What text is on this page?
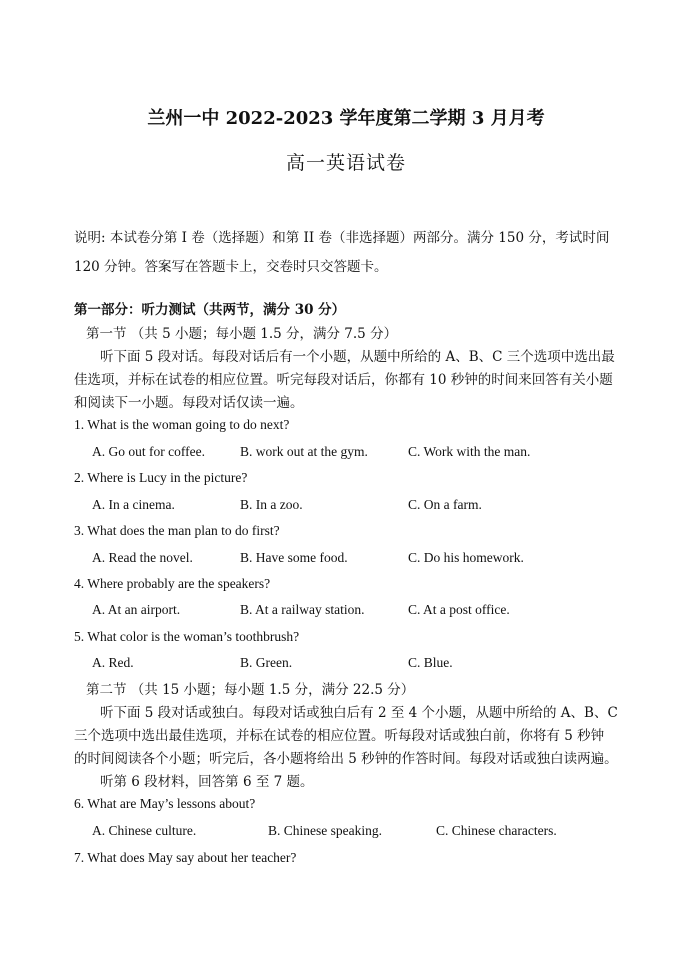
兰州一中 2022-2023 学年度第二学期 3 月月考
高一英语试卷
说明: 本试卷分第 I 卷（选择题）和第 II 卷（非选择题）两部分。满分 150 分，考试时间
120 分钟。答案写在答题卡上，交卷时只交答题卡。
第一部分：听力测试（共两节，满分 30 分）
第一节 （共 5 小题；每小题 1.5 分，满分 7.5 分）
听下面 5 段对话。每段对话后有一个小题，从题中所给的 A、B、C 三个选项中选出最
佳选项，并标在试卷的相应位置。听完每段对话后，你都有 10 秒钟的时间来回答有关小题
和阅读下一小题。每段对话仅读一遍。
1. What is the woman going to do next?
A. Go out for coffee.	B. work out at the gym.	C. Work with the man.
2. Where is Lucy in the picture?
A. In a cinema.	B. In a zoo.	C. On a farm.
3. What does the man plan to do first?
A. Read the novel.	B. Have some food.	C. Do his homework.
4. Where probably are the speakers?
A. At an airport.	B. At a railway station.	C. At a post office.
5. What color is the woman’s toothbrush?
A. Red.	B. Green.	C. Blue.
第二节 （共 15 小题；每小题 1.5 分，满分 22.5 分）
听下面 5 段对话或独白。每段对话或独白后有 2 至 4 个小题，从题中所给的 A、B、C
三个选项中选出最佳选项，并标在试卷的相应位置。听每段对话或独白前，你将有 5 秒钟
的时间阅读各个小题；听完后，各小题将给出 5 秒钟的作答时间。每段对话或独白读两遍。
听第 6 段材料，回答第 6 至 7 题。
6. What are May’s lessons about?
A. Chinese culture.	B. Chinese speaking.	C. Chinese characters.
7. What does May say about her teacher?
